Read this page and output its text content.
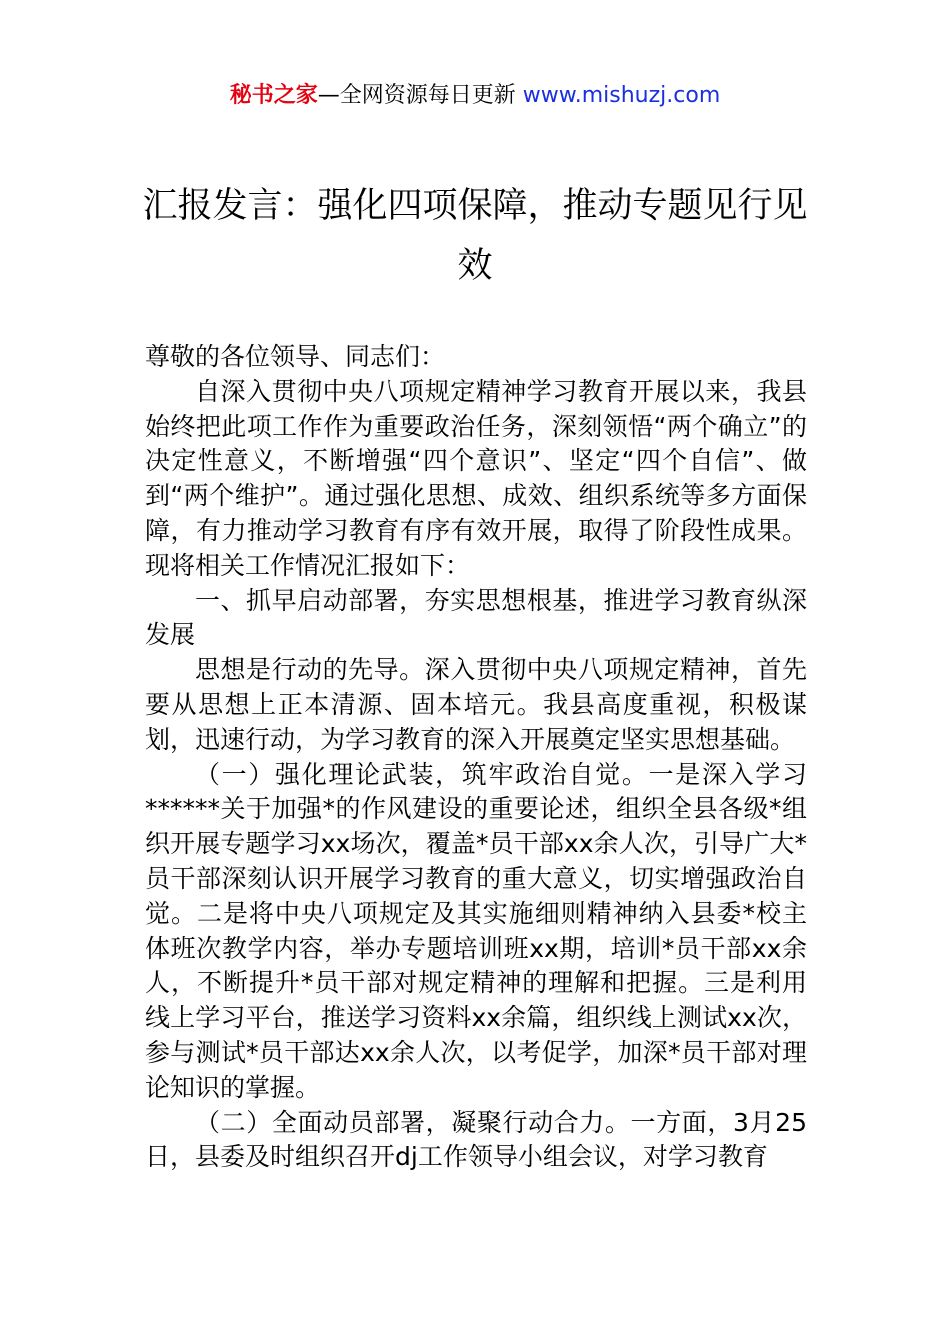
秘书之家—全网资源每日更新 www.mishuzj.com
汇报发言：强化四项保障，推动专题见行见效

尊敬的各位领导、同志们：

自深入贯彻中央八项规定精神学习教育开展以来，我县始终把此项工作作为重要政治任务，深刻领悟“两个确立”的决定性意义，不断增强“四个意识”、坚定“四个自信”、做到“两个维护”。通过强化思想、成效、组织系统等多方面保障，有力推动学习教育有序有效开展，取得了阶段性成果。现将相关工作情况汇报如下：

一、抓早启动部署，夯实思想根基，推进学习教育纵深发展

思想是行动的先导。深入贯彻中央八项规定精神，首先要从思想上正本清源、固本培元。我县高度重视，积极谋划，迅速行动，为学习教育的深入开展奠定坚实思想基础。

（一）强化理论武装，筑牢政治自觉。一是深入学习******关于加强*的作风建设的重要论述，组织全县各级*组织开展专题学习xx场次，覆盖*员干部xx余人次，引导广大*员干部深刻认识开展学习教育的重大意义，切实增强政治自觉。二是将中央八项规定及其实施细则精神纳入县委*校主体班次教学内容，举办专题培训班xx期，培训*员干部xx余人，不断提升*员干部对规定精神的理解和把握。三是利用线上学习平台，推送学习资料xx余篇，组织线上测试xx次，参与测试*员干部达xx余人次，以考促学，加深*员干部对理论知识的掌握。

（二）全面动员部署，凝聚行动合力。一方面，3月25日，县委及时组织召开dj工作领导小组会议，对学习教育
